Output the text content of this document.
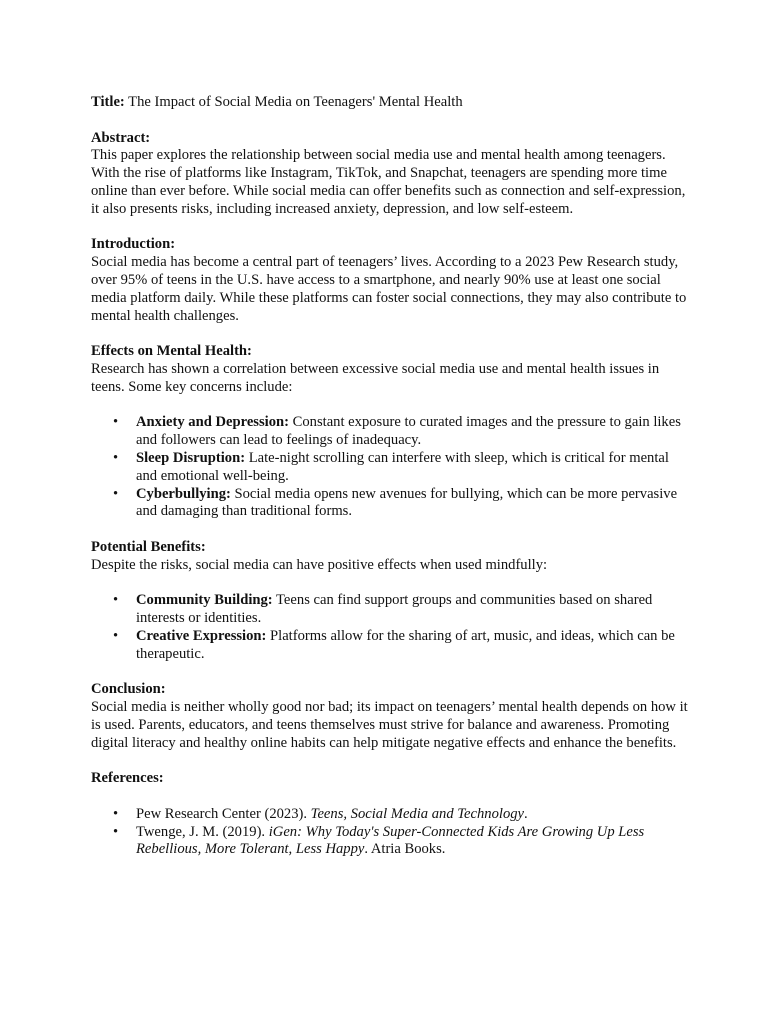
Title: The Impact of Social Media on Teenagers' Mental Health

Abstract:

This paper explores the relationship between social media use and mental health among teenagers. With the rise of platforms like Instagram, TikTok, and Snapchat, teenagers are spending more time online than ever before. While social media can offer benefits such as connection and self-expression, it also presents risks, including increased anxiety, depression, and low self-esteem.

Introduction:

Social media has become a central part of teenagers’ lives. According to a 2023 Pew Research study, over 95% of teens in the U.S. have access to a smartphone, and nearly 90% use at least one social media platform daily. While these platforms can foster social connections, they may also contribute to mental health challenges.

Effects on Mental Health:

Research has shown a correlation between excessive social media use and mental health issues in teens. Some key concerns include:

• Anxiety and Depression: Constant exposure to curated images and the pressure to gain likes and followers can lead to feelings of inadequacy.
• Sleep Disruption: Late-night scrolling can interfere with sleep, which is critical for mental and emotional well-being.
• Cyberbullying: Social media opens new avenues for bullying, which can be more pervasive and damaging than traditional forms.

Potential Benefits:

Despite the risks, social media can have positive effects when used mindfully:

• Community Building: Teens can find support groups and communities based on shared interests or identities.
• Creative Expression: Platforms allow for the sharing of art, music, and ideas, which can be therapeutic.

Conclusion:

Social media is neither wholly good nor bad; its impact on teenagers’ mental health depends on how it is used. Parents, educators, and teens themselves must strive for balance and awareness. Promoting digital literacy and healthy online habits can help mitigate negative effects and enhance the benefits.

References:

• Pew Research Center (2023). Teens, Social Media and Technology.
• Twenge, J. M. (2019). iGen: Why Today's Super-Connected Kids Are Growing Up Less Rebellious, More Tolerant, Less Happy. Atria Books.
